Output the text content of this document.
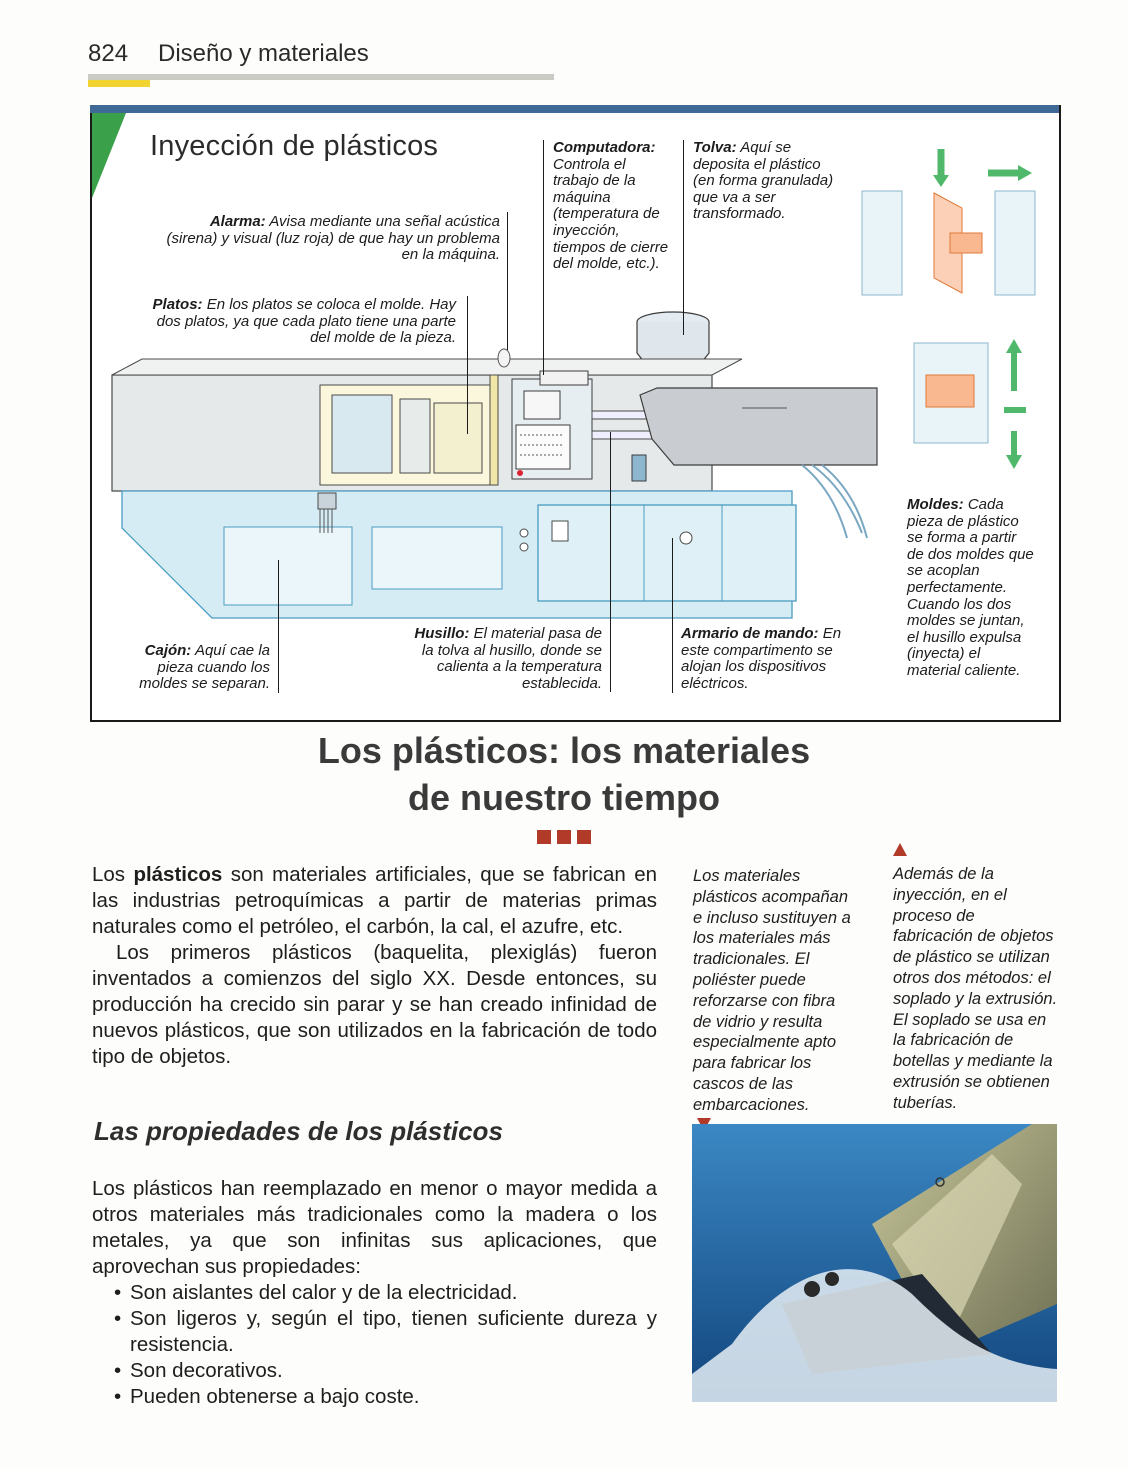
824 Diseño y materiales
Inyección de plásticos
Alarma: Avisa mediante una señal acústica (sirena) y visual (luz roja) de que hay un problema en la máquina.
Platos: En los platos se coloca el molde. Hay dos platos, ya que cada plato tiene una parte del molde de la pieza.
Computadora: Controla el trabajo de la máquina (temperatura de inyección, tiempos de cierre del molde, etc.).
Tolva: Aquí se deposita el plástico (en forma granulada) que va a ser transformado.
Moldes: Cada pieza de plástico se forma a partir de dos moldes que se acoplan perfectamente. Cuando los dos moldes se juntan, el husillo expulsa (inyecta) el material caliente.
Cajón: Aquí cae la pieza cuando los moldes se separan.
Husillo: El material pasa de la tolva al husillo, donde se calienta a la temperatura establecida.
Armario de mando: En este compartimento se alojan los dispositivos eléctricos.
Los plásticos: los materiales
de nuestro tiempo

Los plásticos son materiales artificiales, que se fabrican en las industrias petroquímicas a partir de materias primas naturales como el petróleo, el carbón, la cal, el azufre, etc.

Los primeros plásticos (baquelita, plexiglás) fueron inventados a comienzos del siglo XX. Desde entonces, su producción ha crecido sin parar y se han creado infinidad de nuevos plásticos, que son utilizados en la fabricación de todo tipo de objetos.

Los materiales plásticos acompañan e incluso sustituyen a los materiales más tradicionales. El poliéster puede reforzarse con fibra de vidrio y resulta especialmente apto para fabricar los cascos de las embarcaciones.
Además de la inyección, en el proceso de fabricación de objetos de plástico se utilizan otros dos métodos: el soplado y la extrusión. El soplado se usa en la fabricación de botellas y mediante la extrusión se obtienen tuberías.
Las propiedades de los plásticos

Los plásticos han reemplazado en menor o mayor medida a otros materiales más tradicionales como la madera o los metales, ya que son infinitas sus aplicaciones, que aprovechan sus propiedades:

• Son aislantes del calor y de la electricidad.
• Son ligeros y, según el tipo, tienen suficiente dureza y resistencia.
• Son decorativos.
• Pueden obtenerse a bajo coste.
